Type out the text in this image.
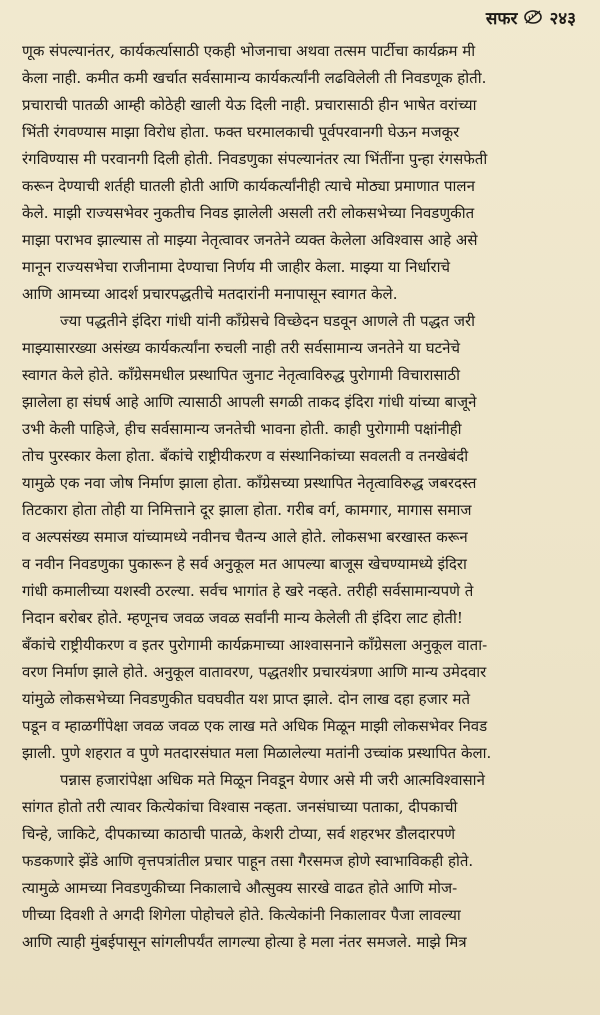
सफर २४३
णूक संपल्यानंतर, कार्यकर्त्यासाठी एकही भोजनाचा अथवा तत्सम पार्टीचा कार्यक्रम मी
केला नाही. कमीत कमी खर्चात सर्वसामान्य कार्यकर्त्यांनी लढविलेली ती निवडणूक होती.
प्रचाराची पातळी आम्ही कोठेही खाली येऊ दिली नाही. प्रचारासाठी हीन भाषेत वरांच्या
भिंती रंगवण्यास माझा विरोध होता. फक्त घरमालकाची पूर्वपरवानगी घेऊन मजकूर
रंगविण्यास मी परवानगी दिली होती. निवडणुका संपल्यानंतर त्या भिंतींना पुन्हा रंगसफेती
करून देण्याची शर्तही घातली होती आणि कार्यकर्त्यांनीही त्याचे मोठ्या प्रमाणात पालन
केले. माझी राज्यसभेवर नुकतीच निवड झालेली असली तरी लोकसभेच्या निवडणुकीत
माझा पराभव झाल्यास तो माझ्या नेतृत्वावर जनतेने व्यक्त केलेला अविश्वास आहे असे
मानून राज्यसभेचा राजीनामा देण्याचा निर्णय मी जाहीर केला. माझ्या या निर्धाराचे
आणि आमच्या आदर्श प्रचारपद्धतीचे मतदारांनी मनापासून स्वागत केले.
ज्या पद्धतीने इंदिरा गांधी यांनी काँग्रेसचे विच्छेदन घडवून आणले ती पद्धत जरी
माझ्यासारख्या असंख्य कार्यकर्त्यांना रुचली नाही तरी सर्वसामान्य जनतेने या घटनेचे
स्वागत केले होते. काँग्रेसमधील प्रस्थापित जुनाट नेतृत्वाविरुद्ध पुरोगामी विचारासाठी
झालेला हा संघर्ष आहे आणि त्यासाठी आपली सगळी ताकद इंदिरा गांधी यांच्या बाजूने
उभी केली पाहिजे, हीच सर्वसामान्य जनतेची भावना होती. काही पुरोगामी पक्षांनीही
तोच पुरस्कार केला होता. बँकांचे राष्ट्रीयीकरण व संस्थानिकांच्या सवलती व तनखेबंदी
यामुळे एक नवा जोष निर्माण झाला होता. काँग्रेसच्या प्रस्थापित नेतृत्वाविरुद्ध जबरदस्त
तिटकारा होता तोही या निमित्ताने दूर झाला होता. गरीब वर्ग, कामगार, मागास समाज
व अल्पसंख्य समाज यांच्यामध्ये नवीनच चैतन्य आले होते. लोकसभा बरखास्त करून
व नवीन निवडणुका पुकारून हे सर्व अनुकूल मत आपल्या बाजूस खेचण्यामध्ये इंदिरा
गांधी कमालीच्या यशस्वी ठरल्या. सर्वच भागांत हे खरे नव्हते. तरीही सर्वसामान्यपणे ते
निदान बरोबर होते. म्हणूनच जवळ जवळ सर्वांनी मान्य केलेली ती इंदिरा लाट होती!
बँकांचे राष्ट्रीयीकरण व इतर पुरोगामी कार्यक्रमाच्या आश्वासनाने काँग्रेसला अनुकूल वाता-
वरण निर्माण झाले होते. अनुकूल वातावरण, पद्धतशीर प्रचारयंत्रणा आणि मान्य उमेदवार
यांमुळे लोकसभेच्या निवडणुकीत घवघवीत यश प्राप्त झाले. दोन लाख दहा हजार मते
पडून व म्हाळगींपेक्षा जवळ जवळ एक लाख मते अधिक मिळून माझी लोकसभेवर निवड
झाली. पुणे शहरात व पुणे मतदारसंघात मला मिळालेल्या मतांनी उच्चांक प्रस्थापित केला.
पन्नास हजारांपेक्षा अधिक मते मिळून निवडून येणार असे मी जरी आत्मविश्वासाने
सांगत होतो तरी त्यावर कित्येकांचा विश्वास नव्हता. जनसंघाच्या पताका, दीपकाची
चिन्हे, जाकिटे, दीपकाच्या काठाची पातळे, केशरी टोप्या, सर्व शहरभर डौलदारपणे
फडकणारे झेंडे आणि वृत्तपत्रांतील प्रचार पाहून तसा गैरसमज होणे स्वाभाविकही होते.
त्यामुळे आमच्या निवडणुकीच्या निकालाचे औत्सुक्य सारखे वाढत होते आणि मोज-
णीच्या दिवशी ते अगदी शिगेला पोहोचले होते. कित्येकांनी निकालावर पैजा लावल्या
आणि त्याही मुंबईपासून सांगलीपर्यंत लागल्या होत्या हे मला नंतर समजले. माझे मित्र
